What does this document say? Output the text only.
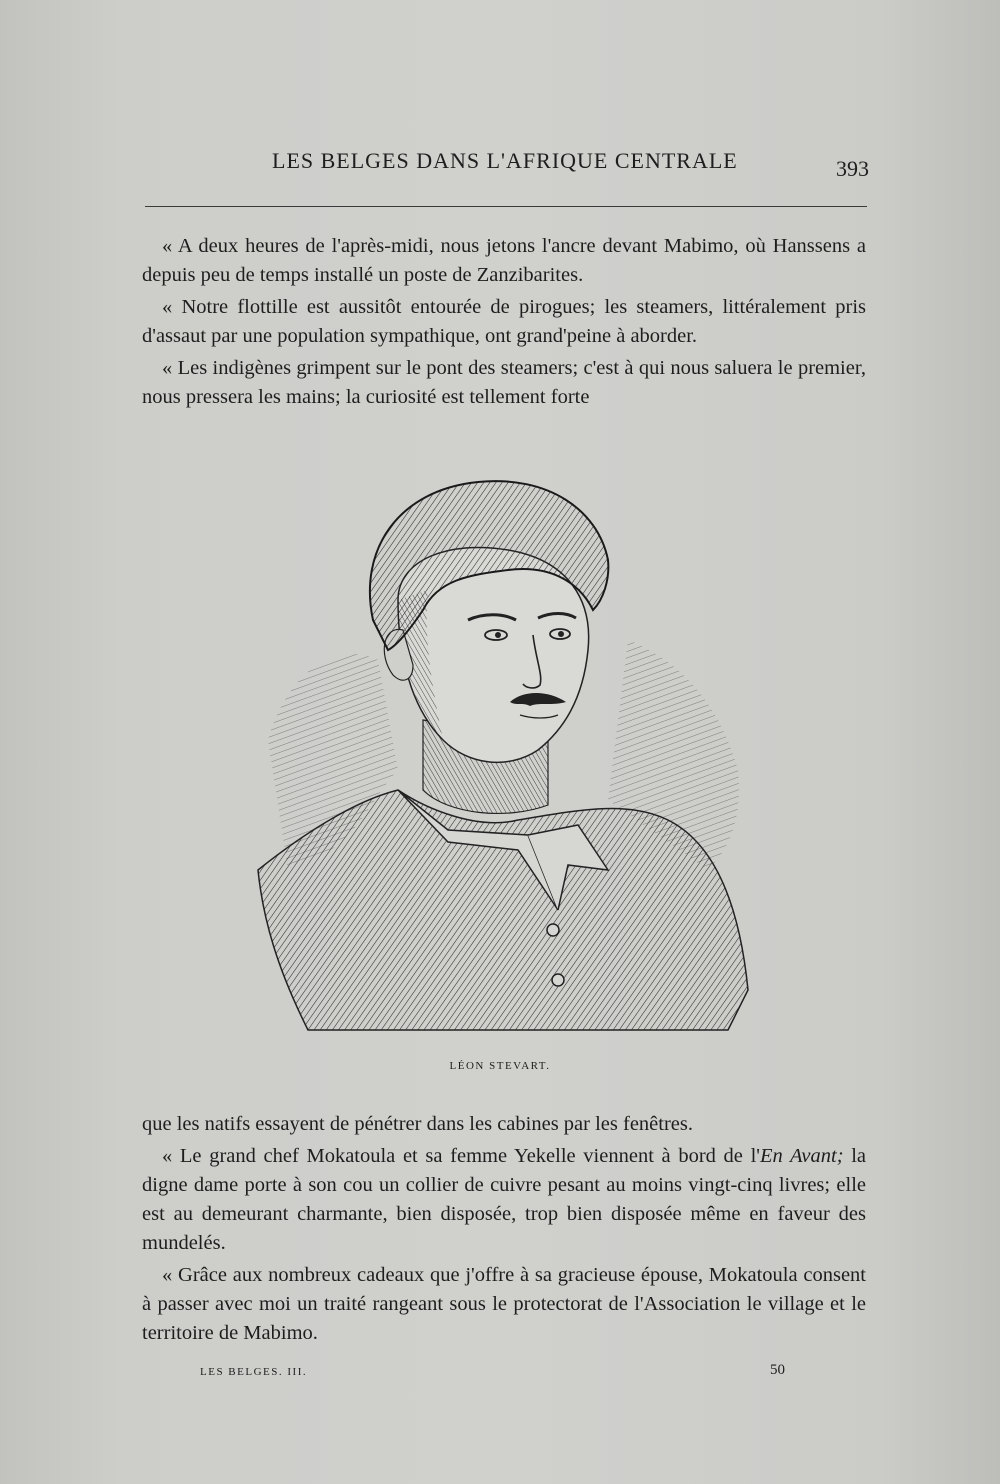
LES BELGES DANS L'AFRIQUE CENTRALE	393

« A deux heures de l'après-midi, nous jetons l'ancre devant Mabimo, où Hanssens a depuis peu de temps installé un poste de Zanzibarites.

« Notre flottille est aussitôt entourée de pirogues; les steamers, littéralement pris d'assaut par une population sympathique, ont grand'peine à aborder.

« Les indigènes grimpent sur le pont des steamers; c'est à qui nous saluera le premier, nous pressera les mains; la curiosité est tellement forte

LÉON STEVART.

que les natifs essayent de pénétrer dans les cabines par les fenêtres.

« Le grand chef Mokatoula et sa femme Yekelle viennent à bord de l'En Avant; la digne dame porte à son cou un collier de cuivre pesant au moins vingt-cinq livres; elle est au demeurant charmante, bien disposée, trop bien disposée même en faveur des mundelés.

« Grâce aux nombreux cadeaux que j'offre à sa gracieuse épouse, Mokatoula consent à passer avec moi un traité rangeant sous le protectorat de l'Association le village et le territoire de Mabimo.

LES BELGES. III.	50
